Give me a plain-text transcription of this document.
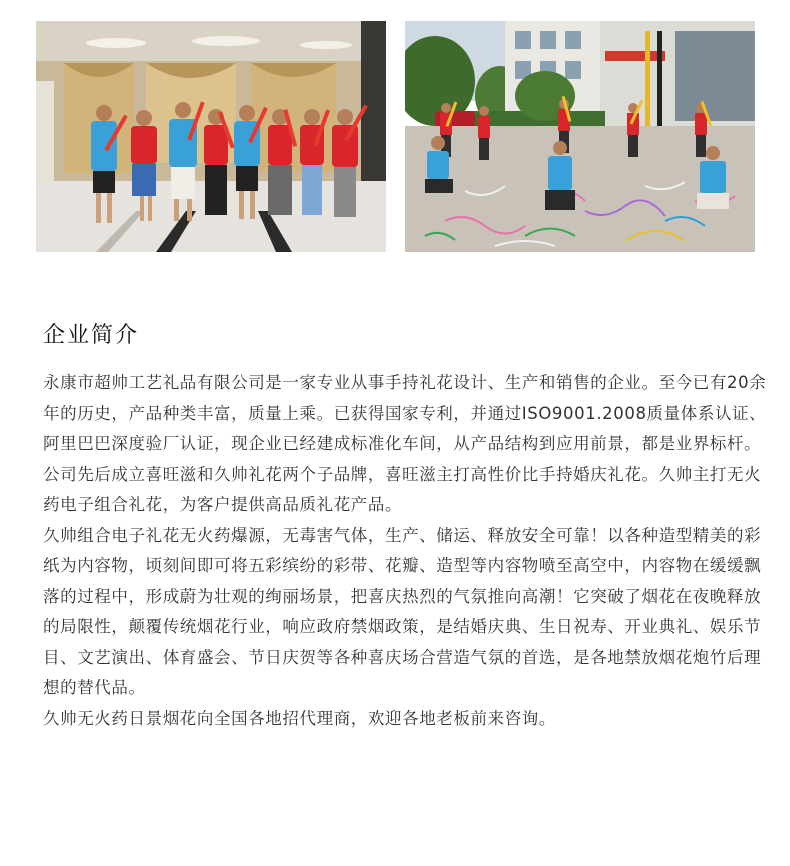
企业简介

永康市超帅工艺礼品有限公司是一家专业从事手持礼花设计、生产和销售的企业。至今已有20余年的历史，产品种类丰富，质量上乘。已获得国家专利，并通过ISO9001.2008质量体系认证、阿里巴巴深度验厂认证，现企业已经建成标准化车间，从产品结构到应用前景，都是业界标杆。

公司先后成立喜旺滋和久帅礼花两个子品牌，喜旺滋主打高性价比手持婚庆礼花。久帅主打无火药电子组合礼花，为客户提供高品质礼花产品。

久帅组合电子礼花无火药爆源，无毒害气体，生产、储运、释放安全可靠！以各种造型精美的彩纸为内容物，顷刻间即可将五彩缤纷的彩带、花瓣、造型等内容物喷至高空中，内容物在缓缓飘落的过程中，形成蔚为壮观的绚丽场景，把喜庆热烈的气氛推向高潮！它突破了烟花在夜晚释放的局限性，颠覆传统烟花行业，响应政府禁烟政策，是结婚庆典、生日祝寿、开业典礼、娱乐节目、文艺演出、体育盛会、节日庆贺等各种喜庆场合营造气氛的首选，是各地禁放烟花炮竹后理想的替代品。

久帅无火药日景烟花向全国各地招代理商，欢迎各地老板前来咨询。
